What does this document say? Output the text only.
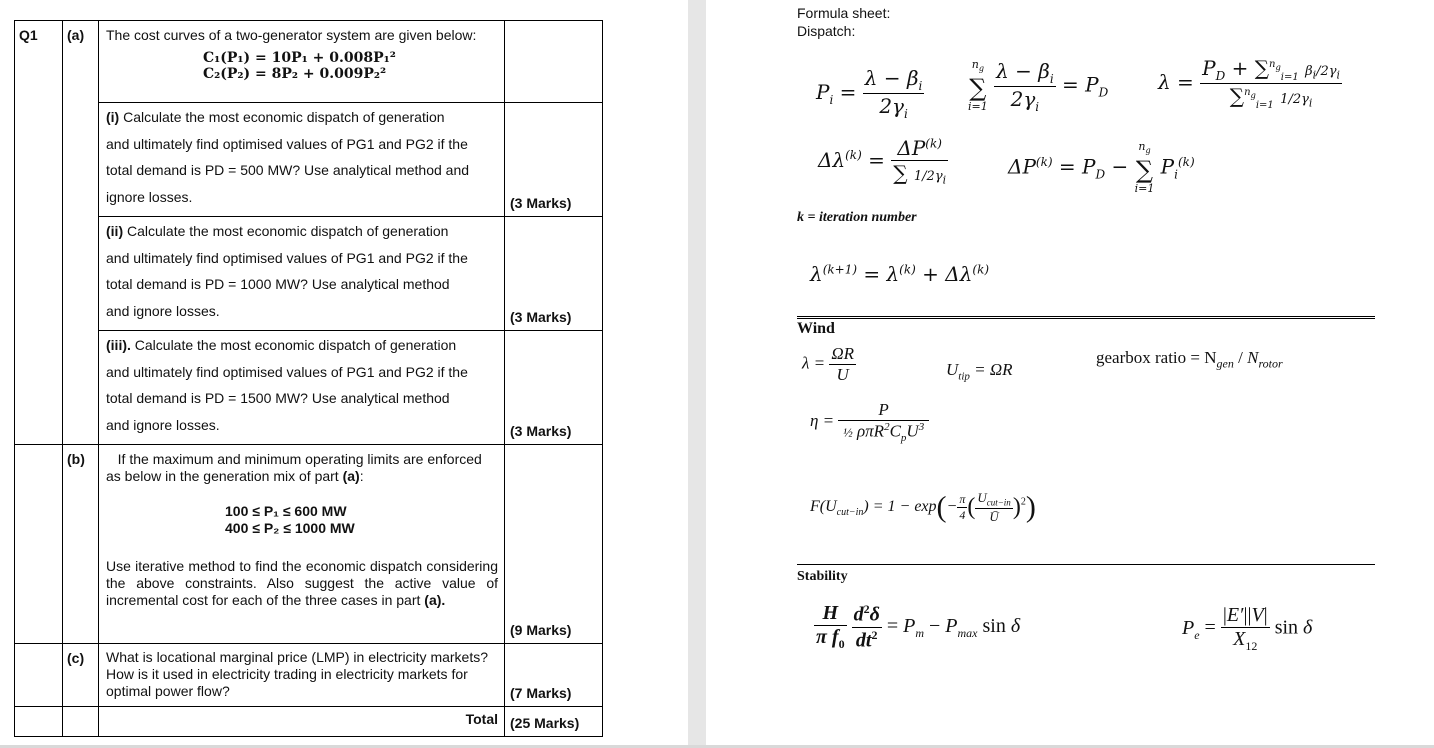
Q1	(a)	The cost curves of a two-generator system are given below:
C₁(P₁) = 10P₁ + 0.008P₁²
C₂(P₂) = 8P₂ + 0.009P₂²	

		(i) Calculate the most economic dispatch of generation
and ultimately find optimised values of PG1 and PG2 if the
total demand is PD = 500 MW? Use analytical method and
ignore losses.	(3 Marks)

		(ii) Calculate the most economic dispatch of generation
and ultimately find optimised values of PG1 and PG2 if the
total demand is PD = 1000 MW? Use analytical method
and ignore losses.	(3 Marks)

		(iii). Calculate the most economic dispatch of generation
and ultimately find optimised values of PG1 and PG2 if the
total demand is PD = 1500 MW? Use analytical method
and ignore losses.	(3 Marks)

	(b)	If the maximum and minimum operating limits are enforced as below in the generation mix of part (a):
100 ≤ P₁ ≤ 600 MW
400 ≤ P₂ ≤ 1000 MW
Use iterative method to find the economic dispatch considering the above constraints. Also suggest the active value of incremental cost for each of the three cases in part (a).	(9 Marks)

	(c)	What is locational marginal price (LMP) in electricity markets? How is it used in electricity trading in electricity markets for optimal power flow?	(7 Marks)
		Total	(25 Marks)
Formula sheet:
Dispatch:
$P_i = \frac{\lambda - \beta_i}{2\gamma_i}$
$n_g$
∑
i=1
$\frac{\lambda - \beta_i}{2\gamma_i} = P_D$ $\lambda = \frac{P_D + \sum^{n_g}_{i=1} \beta_i/2\gamma_i}{\sum^{n_g}_{i=1} 1/2\gamma_i}$
$\Delta\lambda^{(k)} = \frac{\Delta P^{(k)}}{\sum 1/2\gamma_i}$	$\Delta P^{(k)} = P_D$ −
$n_g$
∑
i=1
$P_i^{(k)}$
k = iteration number
$\lambda^{(k+1)} = \lambda^{(k)} + \Delta\lambda^{(k)}$
Wind
$\lambda = \frac{\Omega R}{U}$	$U_{tip} = \Omega R$
gearbox ratio = $N_{gen} / N_{rotor}$
$\eta = \frac{P}{\frac{1}{2} \rho\pi R^2C_pU^3}$
$F(U_{cut-in}) = 1 - \exp(- \frac{\pi}{4}$ ( $\frac{U_{cut-in}}{Ū} )^2$)
Stability
$\frac{H}{\pi f_0}$
$\frac{d^2\delta}{dt^2} = P_m - P_{max}$ sin δ	$P_e = \frac{|E'||V|}{X_{12}}$ sin δ
